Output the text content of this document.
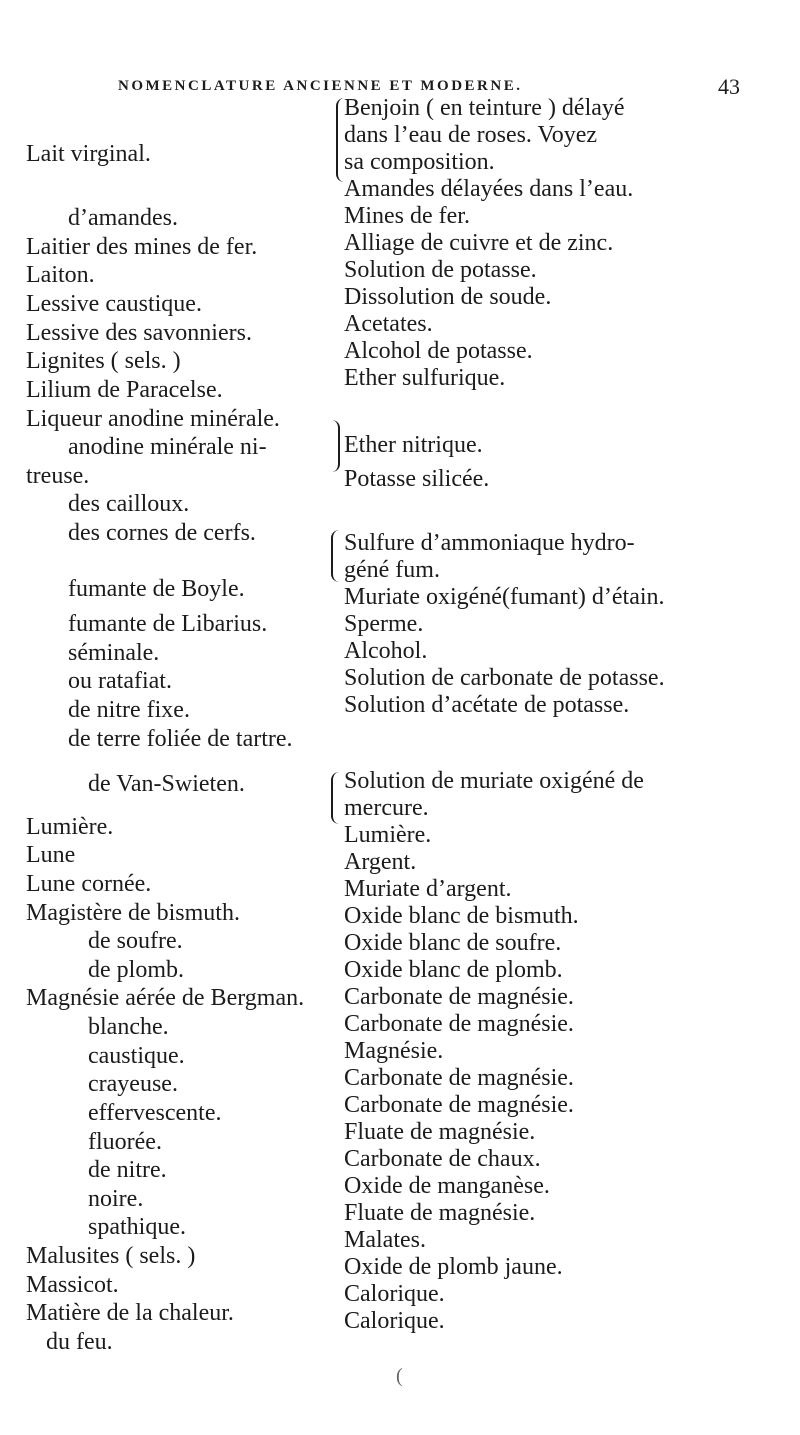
NOMENCLATURE ANCIENNE ET MODERNE.	43
Lait virginal.
d’amandes.
Laitier des mines de fer.
Laiton.
Lessive caustique.
Lessive des savonniers.
Lignites ( sels. )
Lilium de Paracelse.
Liqueur anodine minérale.
anodine minérale ni-
treuse.
des cailloux.
des cornes de cerfs.
fumante de Boyle.
fumante de Libarius.
séminale.
ou ratafiat.
de nitre fixe.
de terre foliée de tartre.
de Van-Swieten.
Lumière.
Lune
Lune cornée.
Magistère de bismuth.
de soufre.
de plomb.
Magnésie aérée de Bergman.
blanche.
caustique.
crayeuse.
effervescente.
fluorée.
de nitre.
noire.
spathique.
Malusites ( sels. )
Massicot.
Matière de la chaleur.
du feu.
Benjoin ( en teinture ) délayé
dans l’eau de roses. Voyez
sa composition.
Amandes délayées dans l’eau.
Mines de fer.
Alliage de cuivre et de zinc.
Solution de potasse.
Dissolution de soude.
Acetates.
Alcohol de potasse.
Ether sulfurique.
Ether nitrique.
Potasse silicée.
Sulfure d’ammoniaque hydro-
géné fum.
Muriate oxigéné(fumant) d’étain.
Sperme.
Alcohol.
Solution de carbonate de potasse.
Solution d’acétate de potasse.
Solution de muriate oxigéné de
mercure.
Lumière.
Argent.
Muriate d’argent.
Oxide blanc de bismuth.
Oxide blanc de soufre.
Oxide blanc de plomb.
Carbonate de magnésie.
Carbonate de magnésie.
Magnésie.
Carbonate de magnésie.
Carbonate de magnésie.
Fluate de magnésie.
Carbonate de chaux.
Oxide de manganèse.
Fluate de magnésie.
Malates.
Oxide de plomb jaune.
Calorique.
Calorique.
(
